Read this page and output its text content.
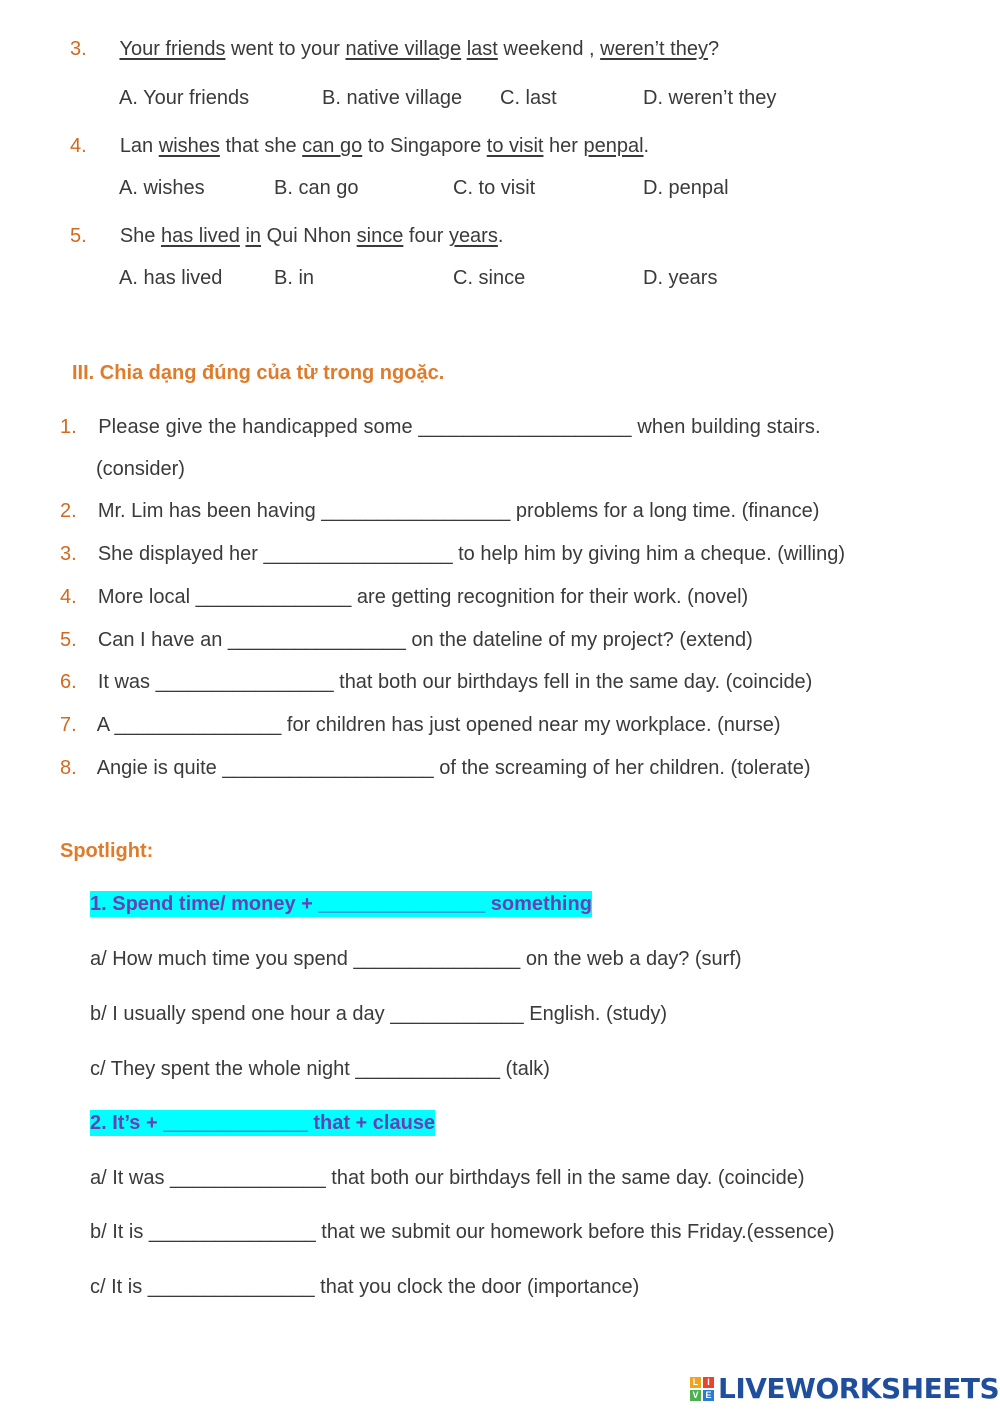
3. Your friends went to your native village last weekend , weren’t they?
A. Your friends	B. native village C. last	D. weren’t they
4. Lan wishes that she can go to Singapore to visit her penpal.
A. wishes	B. can go	C. to visit	D. penpal
5. She has lived in Qui Nhon since four years.
A. has lived	B. in	C. since	D. years
III. Chia dạng đúng của từ trong ngoặc.
1. Please give the handicapped some ___________________ when building stairs.
(consider)
2. Mr. Lim has been having _________________ problems for a long time. (finance)
3. She displayed her _________________ to help him by giving him a cheque. (willing)
4. More local ______________ are getting recognition for their work. (novel)
5. Can I have an ________________ on the dateline of my project? (extend)
6. It was ________________ that both our birthdays fell in the same day. (coincide)
7. A _______________ for children has just opened near my workplace. (nurse)
8. Angie is quite ___________________ of the screaming of her children. (tolerate)
Spotlight:
1. Spend time/ money + _______________ something
a/ How much time you spend _______________ on the web a day? (surf)
b/ I usually spend one hour a day ____________ English. (study)
c/ They spent the whole night _____________ (talk)
2. It’s + _____________ that + clause
a/ It was ______________ that both our birthdays fell in the same day. (coincide)
b/ It is _______________ that we submit our homework before this Friday.(essence)
c/ It is _______________ that you clock the door (importance)
L I
V E LIVEWORKSHEETS
